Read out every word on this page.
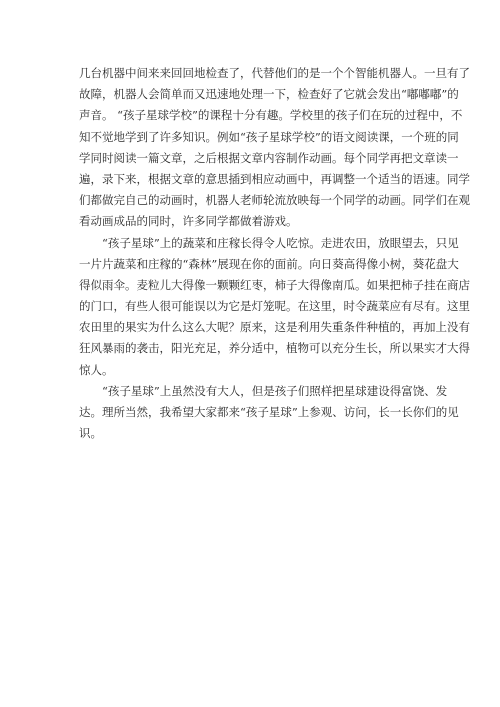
几台机器中间来来回回地检查了，代替他们的是一个个智能机器人。一旦有了
故障，机器人会简单而又迅速地处理一下，检查好了它就会发出“嘟嘟嘟”的
声音。 “孩子星球学校”的课程十分有趣。学校里的孩子们在玩的过程中，不
知不觉地学到了许多知识。例如“孩子星球学校”的语文阅读课，一个班的同
学同时阅读一篇文章，之后根据文章内容制作动画。每个同学再把文章读一
遍，录下来，根据文章的意思插到相应动画中，再调整一个适当的语速。同学
们都做完自己的动画时，机器人老师轮流放映每一个同学的动画。同学们在观
看动画成品的同时，许多同学都做着游戏。
　　“孩子星球”上的蔬菜和庄稼长得令人吃惊。走进农田，放眼望去，只见
一片片蔬菜和庄稼的“森林”展现在你的面前。向日葵高得像小树，葵花盘大
得似雨伞。麦粒儿大得像一颗颗红枣，柿子大得像南瓜。如果把柿子挂在商店
的门口，有些人很可能误以为它是灯笼呢。在这里，时令蔬菜应有尽有。这里
农田里的果实为什么这么大呢？原来，这是利用失重条件种植的，再加上没有
狂风暴雨的袭击，阳光充足，养分适中，植物可以充分生长，所以果实才大得
惊人。
　　“孩子星球”上虽然没有大人，但是孩子们照样把星球建设得富饶、发
达。理所当然，我希望大家都来“孩子星球”上参观、访问，长一长你们的见
识。
